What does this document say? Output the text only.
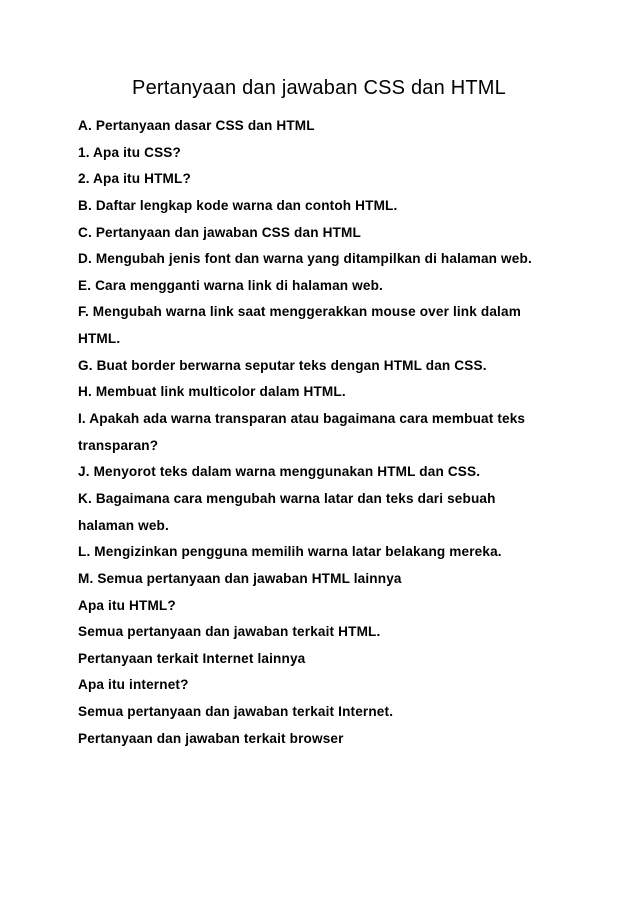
Pertanyaan dan jawaban CSS dan HTML
A. Pertanyaan dasar CSS dan HTML
1. Apa itu CSS?
2. Apa itu HTML?
B. Daftar lengkap kode warna dan contoh HTML.
C. Pertanyaan dan jawaban CSS dan HTML
D. Mengubah jenis font dan warna yang ditampilkan di halaman web.
E. Cara mengganti warna link di halaman web.
F. Mengubah warna link saat menggerakkan mouse over link dalam
HTML.
G. Buat border berwarna seputar teks dengan HTML dan CSS.
H. Membuat link multicolor dalam HTML.
I. Apakah ada warna transparan atau bagaimana cara membuat teks
transparan?
J. Menyorot teks dalam warna menggunakan HTML dan CSS.
K. Bagaimana cara mengubah warna latar dan teks dari sebuah
halaman web.
L. Mengizinkan pengguna memilih warna latar belakang mereka.
M. Semua pertanyaan dan jawaban HTML lainnya
Apa itu HTML?
Semua pertanyaan dan jawaban terkait HTML.
Pertanyaan terkait Internet lainnya
Apa itu internet?
Semua pertanyaan dan jawaban terkait Internet.
Pertanyaan dan jawaban terkait browser
